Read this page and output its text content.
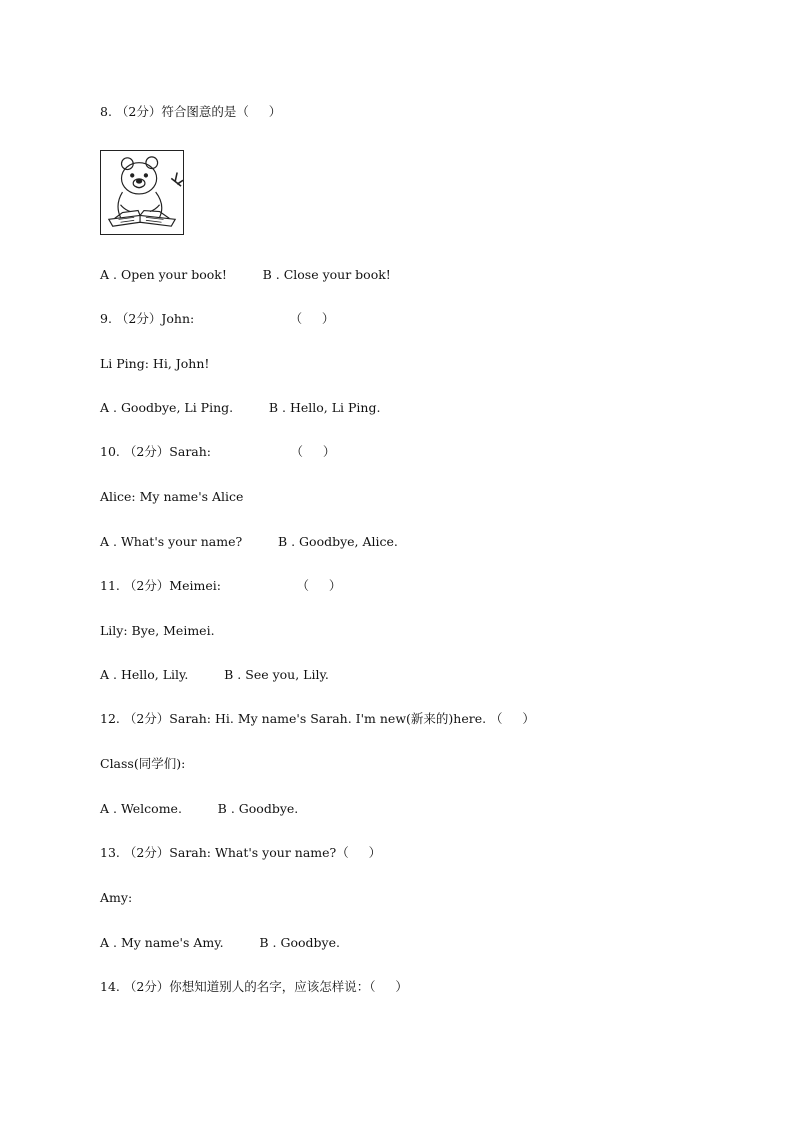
8. （2分）符合图意的是（     ）
A . Open your book!         B . Close your book!
9. （2分）John:                        （     ）
Li Ping: Hi, John!
A . Goodbye, Li Ping.         B . Hello, Li Ping.
10. （2分）Sarah:                    （     ）
Alice: My name's Alice
A . What's your name?         B . Goodbye, Alice.
11. （2分）Meimei:                   （     ）
Lily: Bye, Meimei.
A . Hello, Lily.         B . See you, Lily.
12. （2分）Sarah: Hi. My name's Sarah. I'm new(新来的)here. （     ）
Class(同学们):
A . Welcome.         B . Goodbye.
13. （2分）Sarah: What's your name?（     ）
Amy:
A . My name's Amy.         B . Goodbye.
14. （2分）你想知道别人的名字，应该怎样说：（     ）
